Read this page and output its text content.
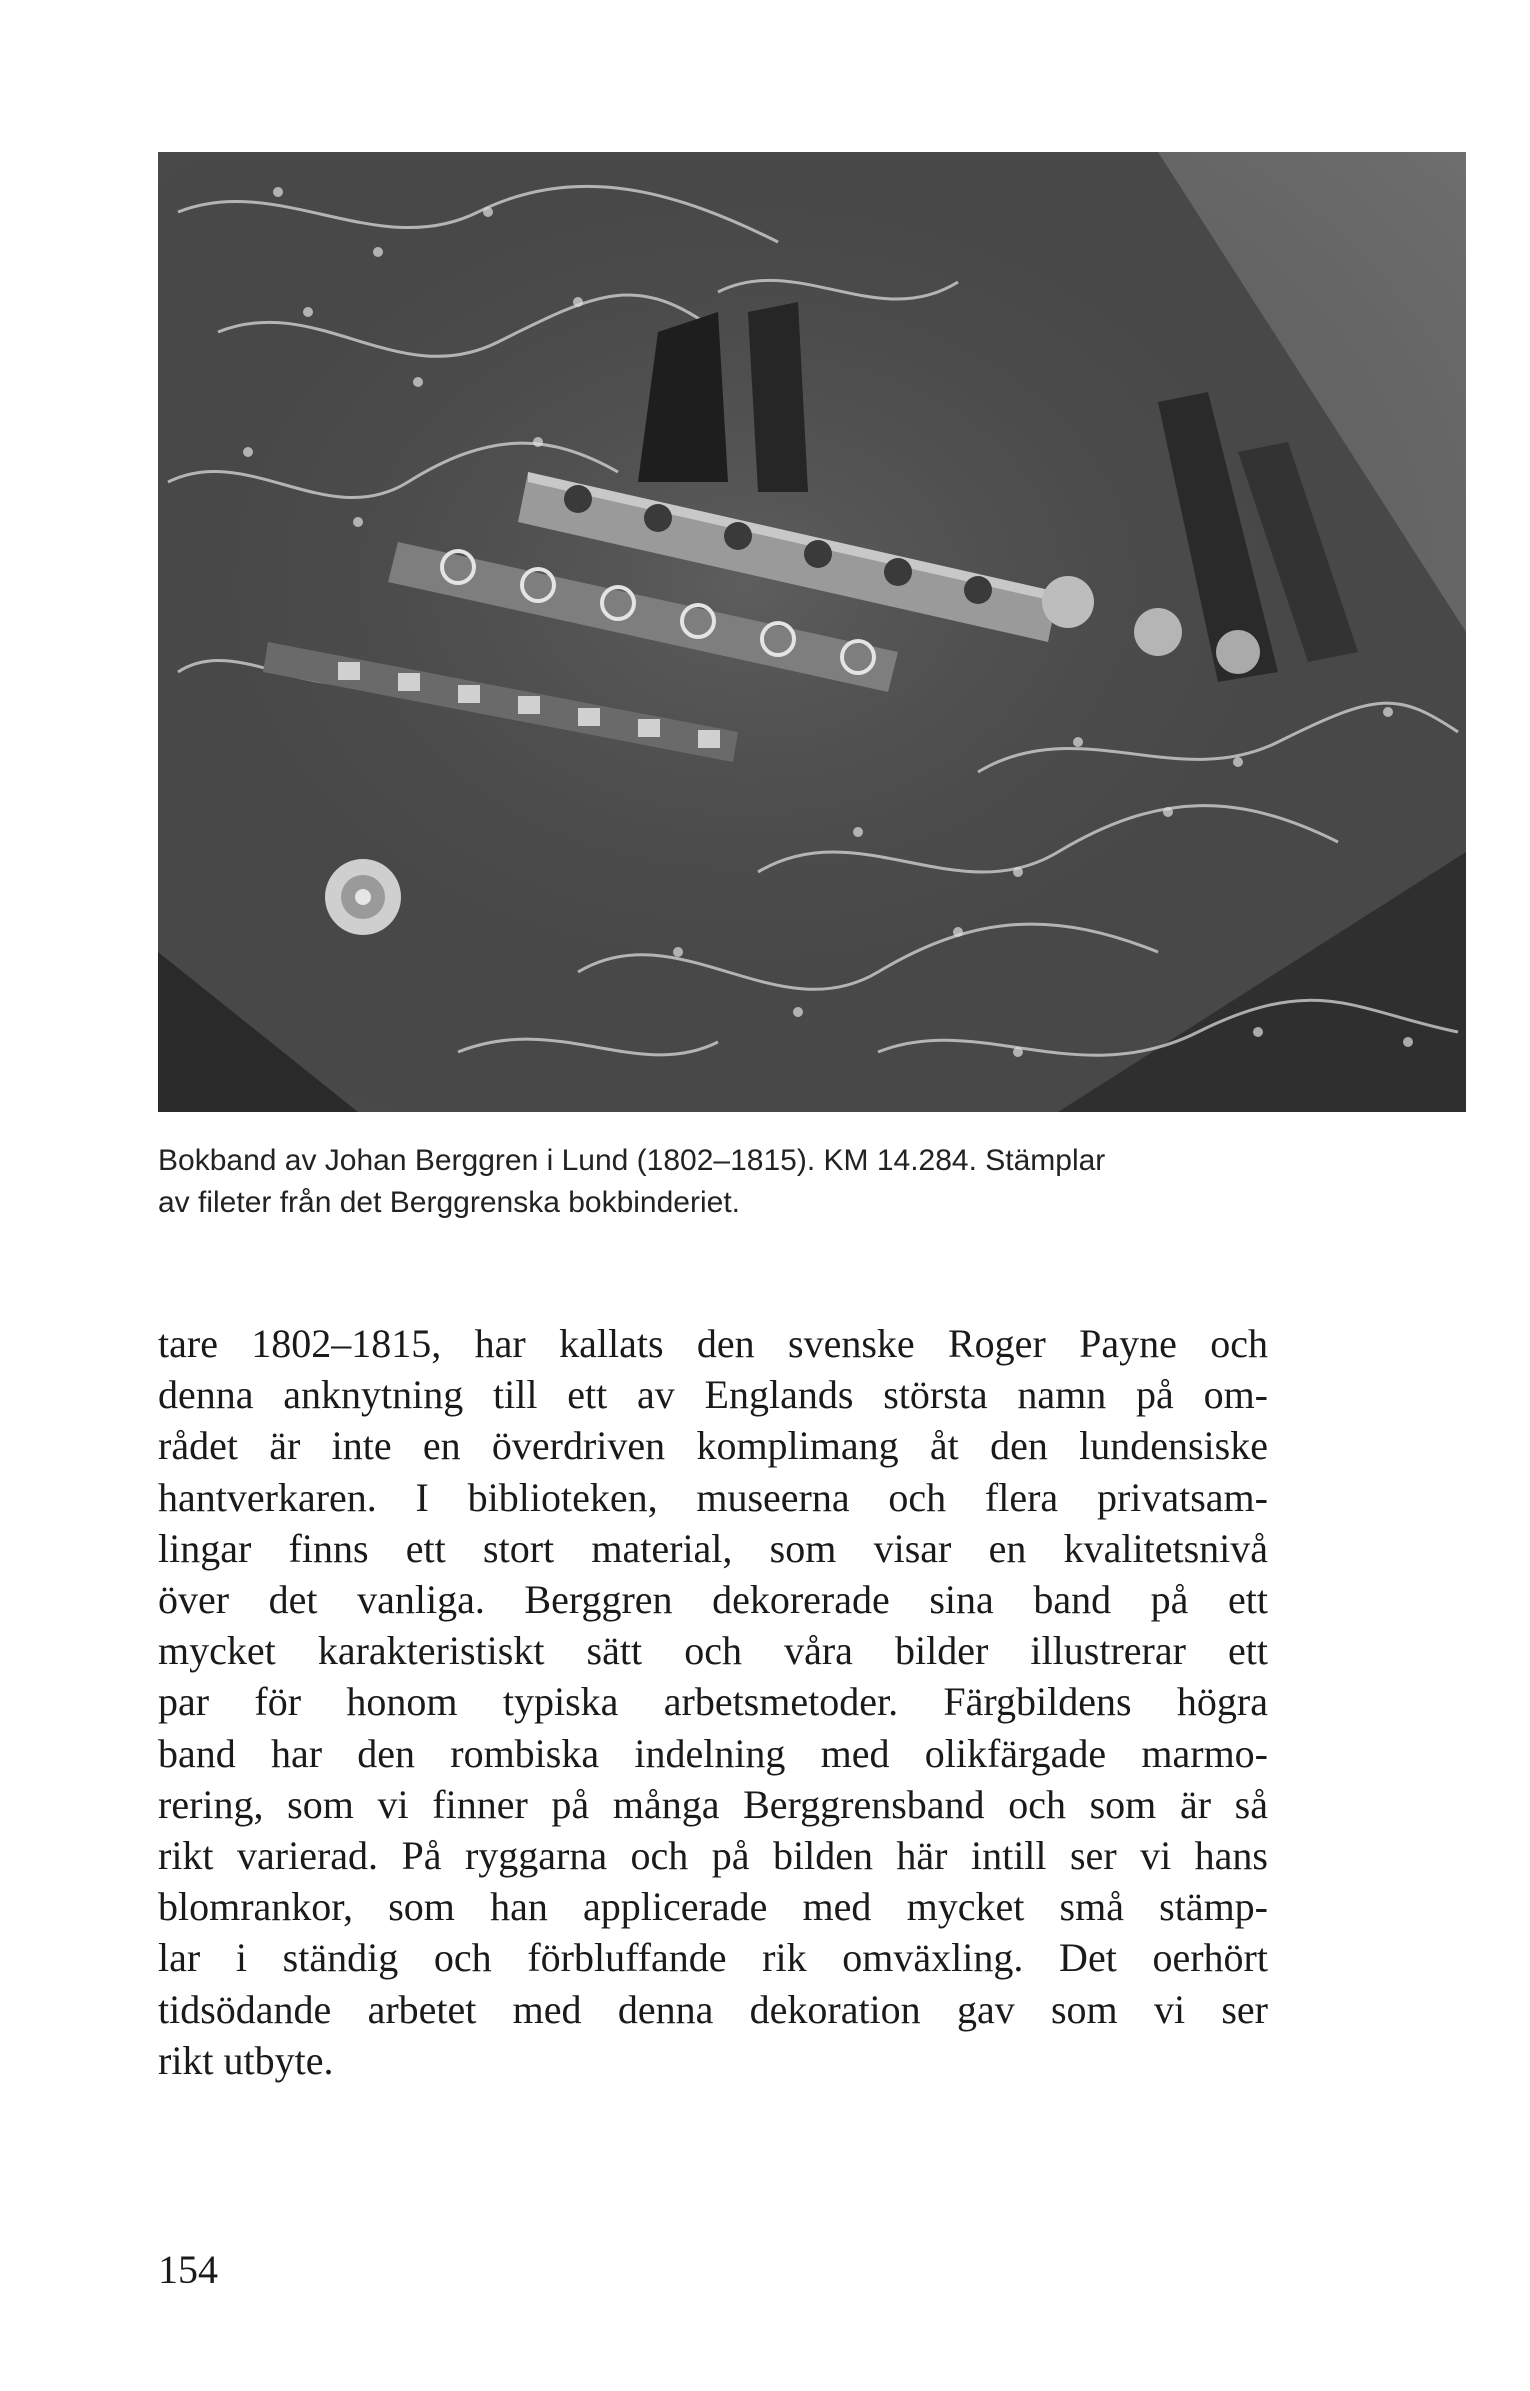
Bokband av Johan Berggren i Lund (1802–1815). KM 14.284. Stämplar
av fileter från det Berggrenska bokbinderiet.
tare 1802–1815, har kallats den svenske Roger Payne och
denna anknytning till ett av Englands största namn på om-
rådet är inte en överdriven komplimang åt den lundensiske
hantverkaren. I biblioteken, museerna och flera privatsam-
lingar finns ett stort material, som visar en kvalitetsnivå
över det vanliga. Berggren dekorerade sina band på ett
mycket karakteristiskt sätt och våra bilder illustrerar ett
par för honom typiska arbetsmetoder. Färgbildens högra
band har den rombiska indelning med olikfärgade marmo-
rering, som vi finner på många Berggrensband och som är så
rikt varierad. På ryggarna och på bilden här intill ser vi hans
blomrankor, som han applicerade med mycket små stämp-
lar i ständig och förbluffande rik omväxling. Det oerhört
tidsödande arbetet med denna dekoration gav som vi ser
rikt utbyte.
154
